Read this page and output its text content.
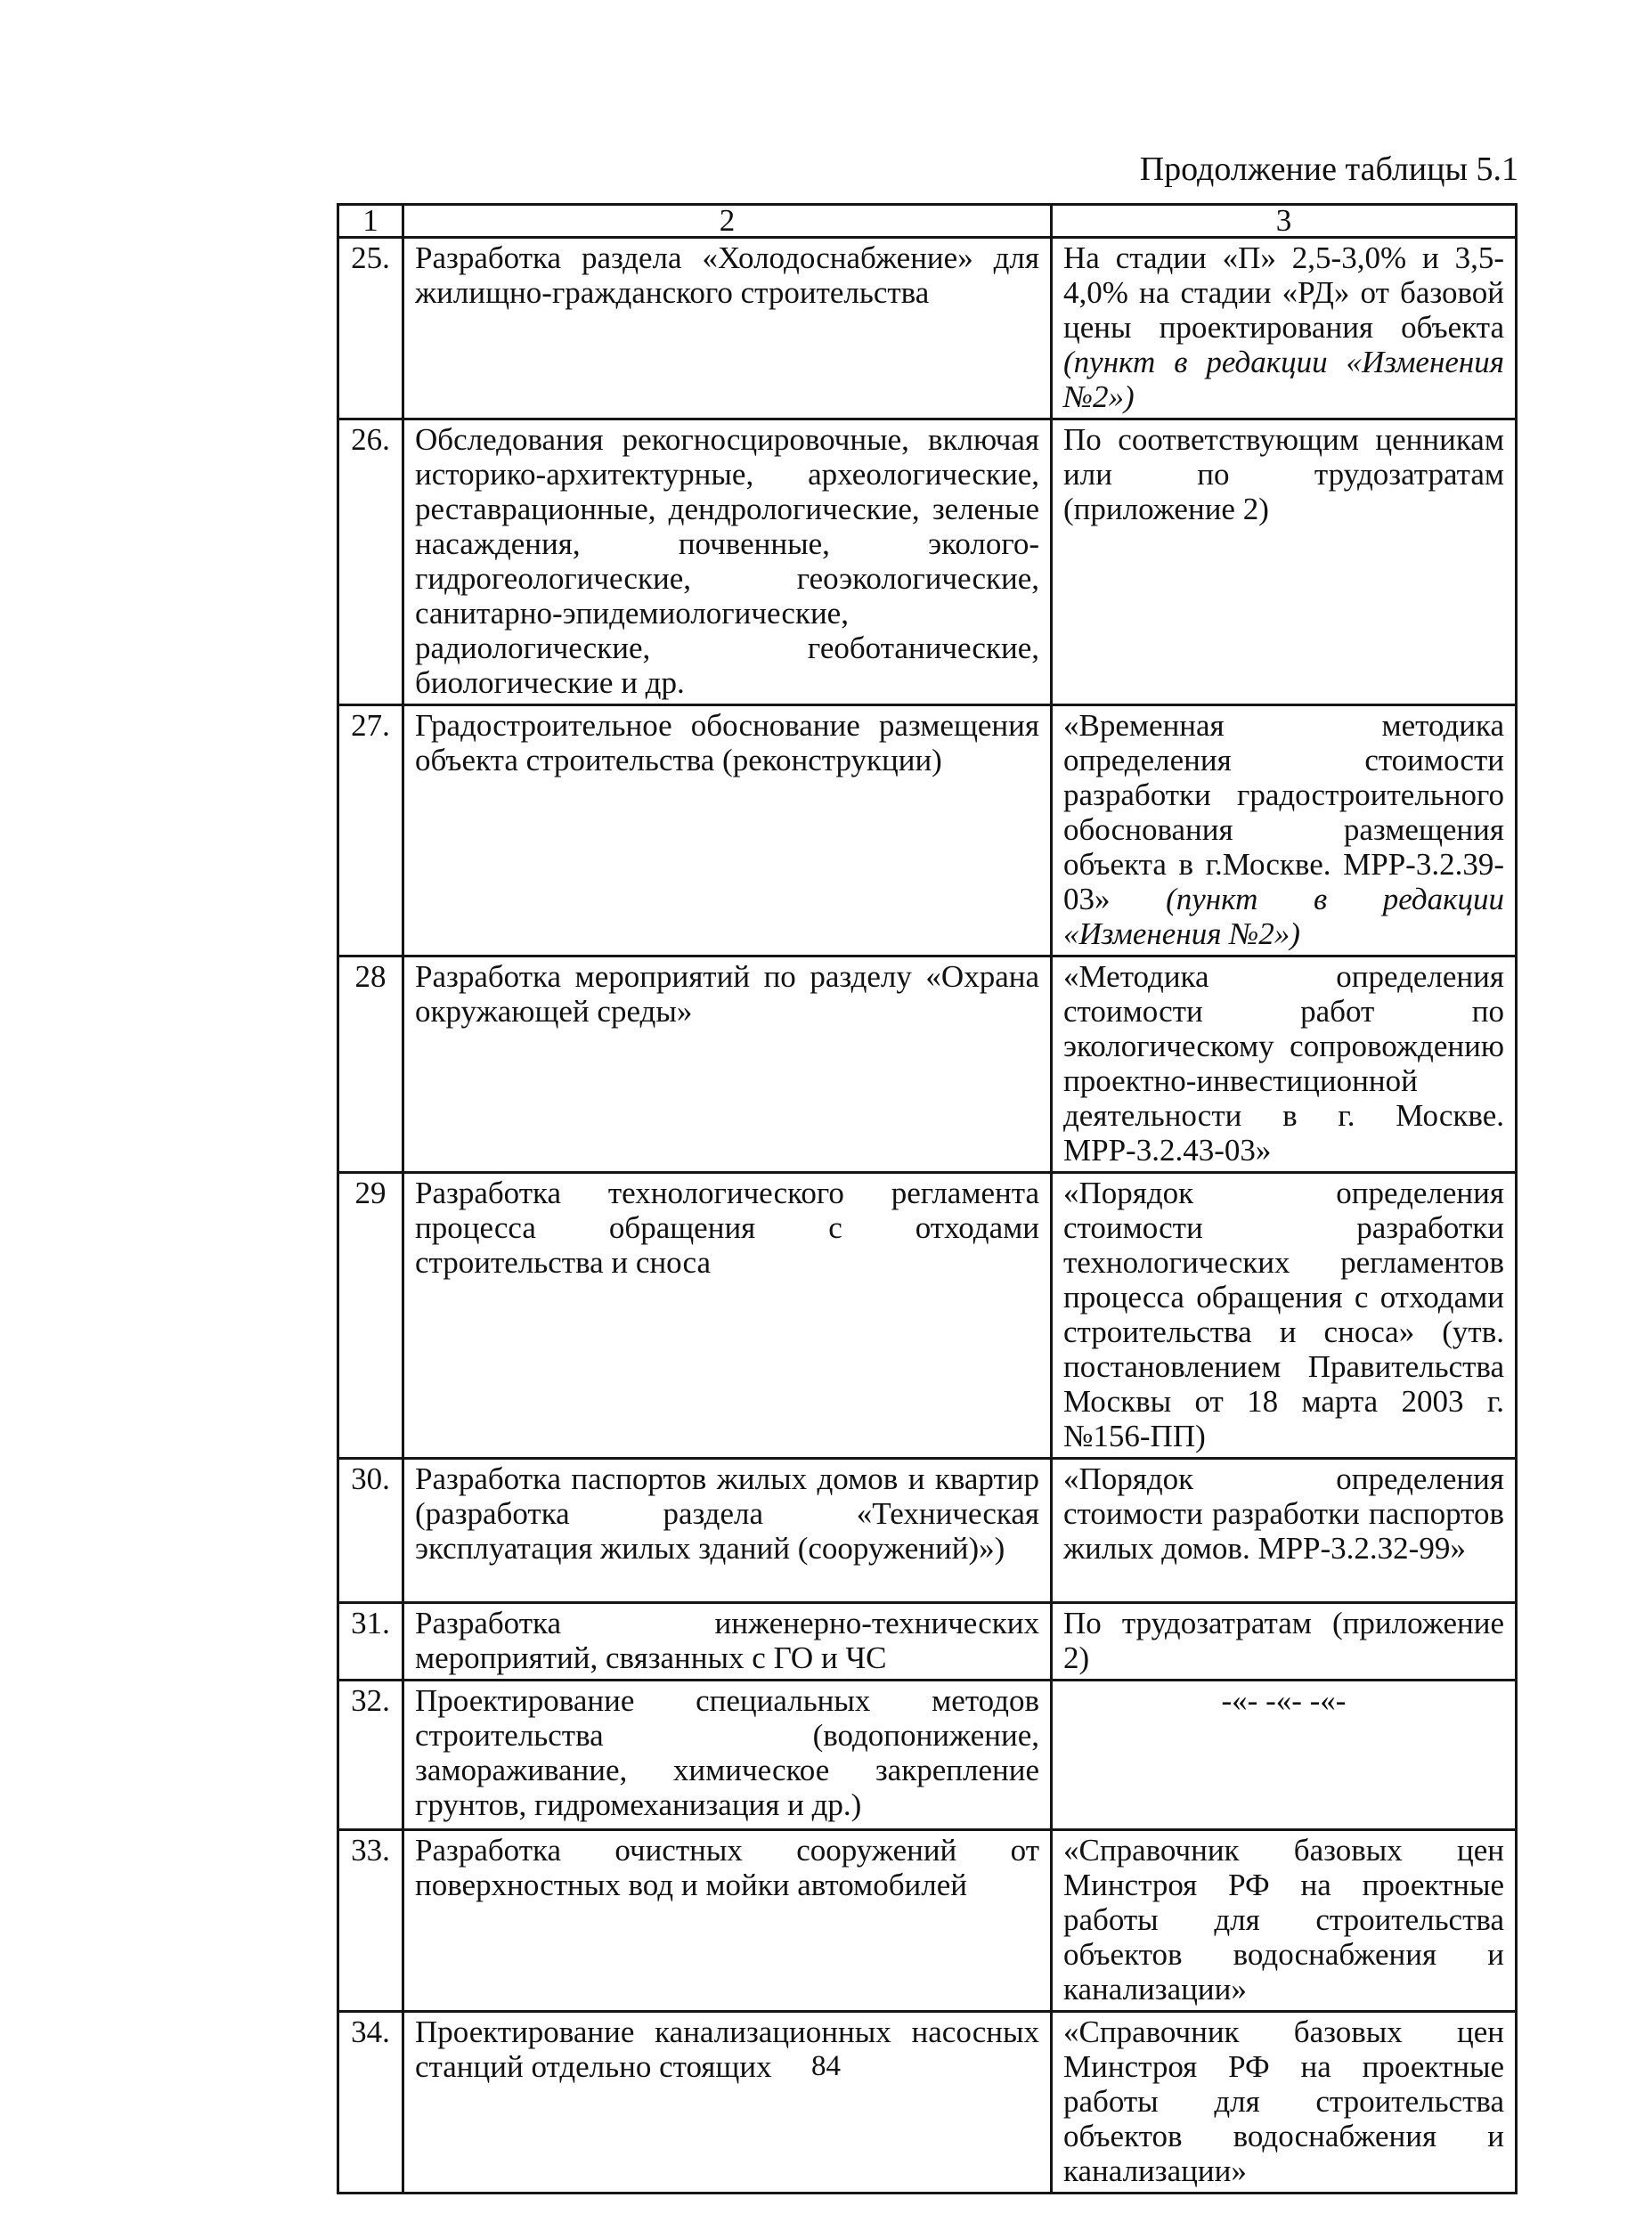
Продолжение таблицы 5.1
1	2	3
25.	Разработка раздела «Холодоснабжение» для жилищно-гражданского строительства	На стадии «П» 2,5-3,0% и 3,5-4,0% на стадии «РД» от базовой цены проектирования объекта (пункт в редакции «Изменения №2»)
26.	Обследования рекогносцировочные, включая историко-архитектурные, археологические, реставрационные, дендрологические, зеленые насаждения, почвенные, эколого-гидрогеологические, геоэкологические, санитарно-эпидемиологические, радиологические, геоботанические, биологические и др.	По соответствующим ценникам или по трудозатратам (приложение 2)
27.	Градостроительное обоснование размещения объекта строительства (реконструкции)	«Временная методика определения стоимости разработки градостроительного обоснования размещения объекта в г.Москве. МРР-3.2.39-03» (пункт в редакции «Изменения №2»)
28	Разработка мероприятий по разделу «Охрана окружающей среды»	«Методика определения стоимости работ по экологическому сопровождению проектно-инвестиционной деятельности в г. Москве. МРР-3.2.43-03»
29	Разработка технологического регламента процесса обращения с отходами строительства и сноса	«Порядок определения стоимости разработки технологических регламентов процесса обращения с отходами строительства и сноса» (утв. постановлением Правительства Москвы от 18 марта 2003 г. №156-ПП)
30.	Разработка паспортов жилых домов и квартир (разработка раздела «Техническая эксплуатация жилых зданий (сооружений)»)	«Порядок определения стоимости разработки паспортов жилых домов. МРР-3.2.32-99»
31.	Разработка инженерно-технических мероприятий, связанных с ГО и ЧС	По трудозатратам (приложение 2)
32.	Проектирование специальных методов строительства (водопонижение, замораживание, химическое закрепление грунтов, гидромеханизация и др.)	-«- -«- -«-
33.	Разработка очистных сооружений от поверхностных вод и мойки автомобилей	«Справочник базовых цен Минстроя РФ на проектные работы для строительства объектов водоснабжения и канализации»
34.	Проектирование канализационных насосных станций отдельно стоящих	«Справочник базовых цен Минстроя РФ на проектные работы для строительства объектов водоснабжения и канализации»
84
